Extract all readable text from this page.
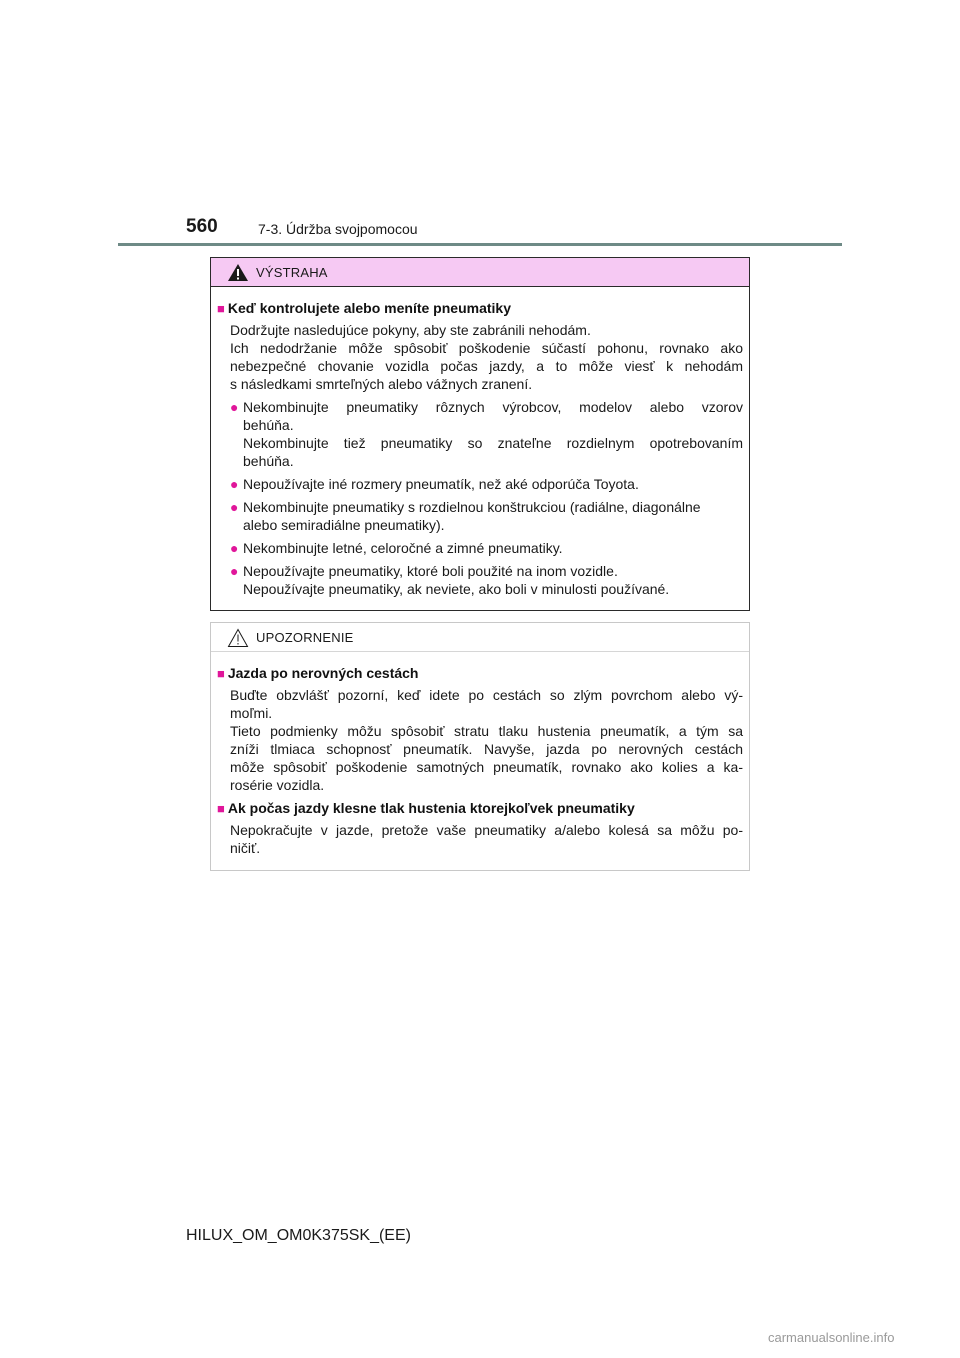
560	7-3. Údržba svojpomocou
VÝSTRAHA
■ Keď kontrolujete alebo meníte pneumatiky
Dodržujte nasledujúce pokyny, aby ste zabránili nehodám.
Ich nedodržanie môže spôsobiť poškodenie súčastí pohonu, rovnako ako
nebezpečné chovanie vozidla počas jazdy, a to môže viesť k nehodám
s následkami smrteľných alebo vážnych zranení.
● Nekombinujte pneumatiky rôznych výrobcov, modelov alebo vzorov
behúňa.
Nekombinujte tiež pneumatiky so znateľne rozdielnym opotrebovaním
behúňa.
● Nepoužívajte iné rozmery pneumatík, než aké odporúča Toyota.
● Nekombinujte pneumatiky s rozdielnou konštrukciou (radiálne, diagonálne
alebo semiradiálne pneumatiky).
● Nekombinujte letné, celoročné a zimné pneumatiky.
● Nepoužívajte pneumatiky, ktoré boli použité na inom vozidle.
Nepoužívajte pneumatiky, ak neviete, ako boli v minulosti používané.
UPOZORNENIE
■ Jazda po nerovných cestách
Buďte obzvlášť pozorní, keď idete po cestách so zlým povrchom alebo vý-
moľmi.
Tieto podmienky môžu spôsobiť stratu tlaku hustenia pneumatík, a tým sa
zníži tlmiaca schopnosť pneumatík. Navyše, jazda po nerovných cestách
môže spôsobiť poškodenie samotných pneumatík, rovnako ako kolies a ka-
rosérie vozidla.
■ Ak počas jazdy klesne tlak hustenia ktorejkoľvek pneumatiky
Nepokračujte v jazde, pretože vaše pneumatiky a/alebo kolesá sa môžu po-
ničiť.
HILUX_OM_OM0K375SK_(EE)
carmanualsonline.info
